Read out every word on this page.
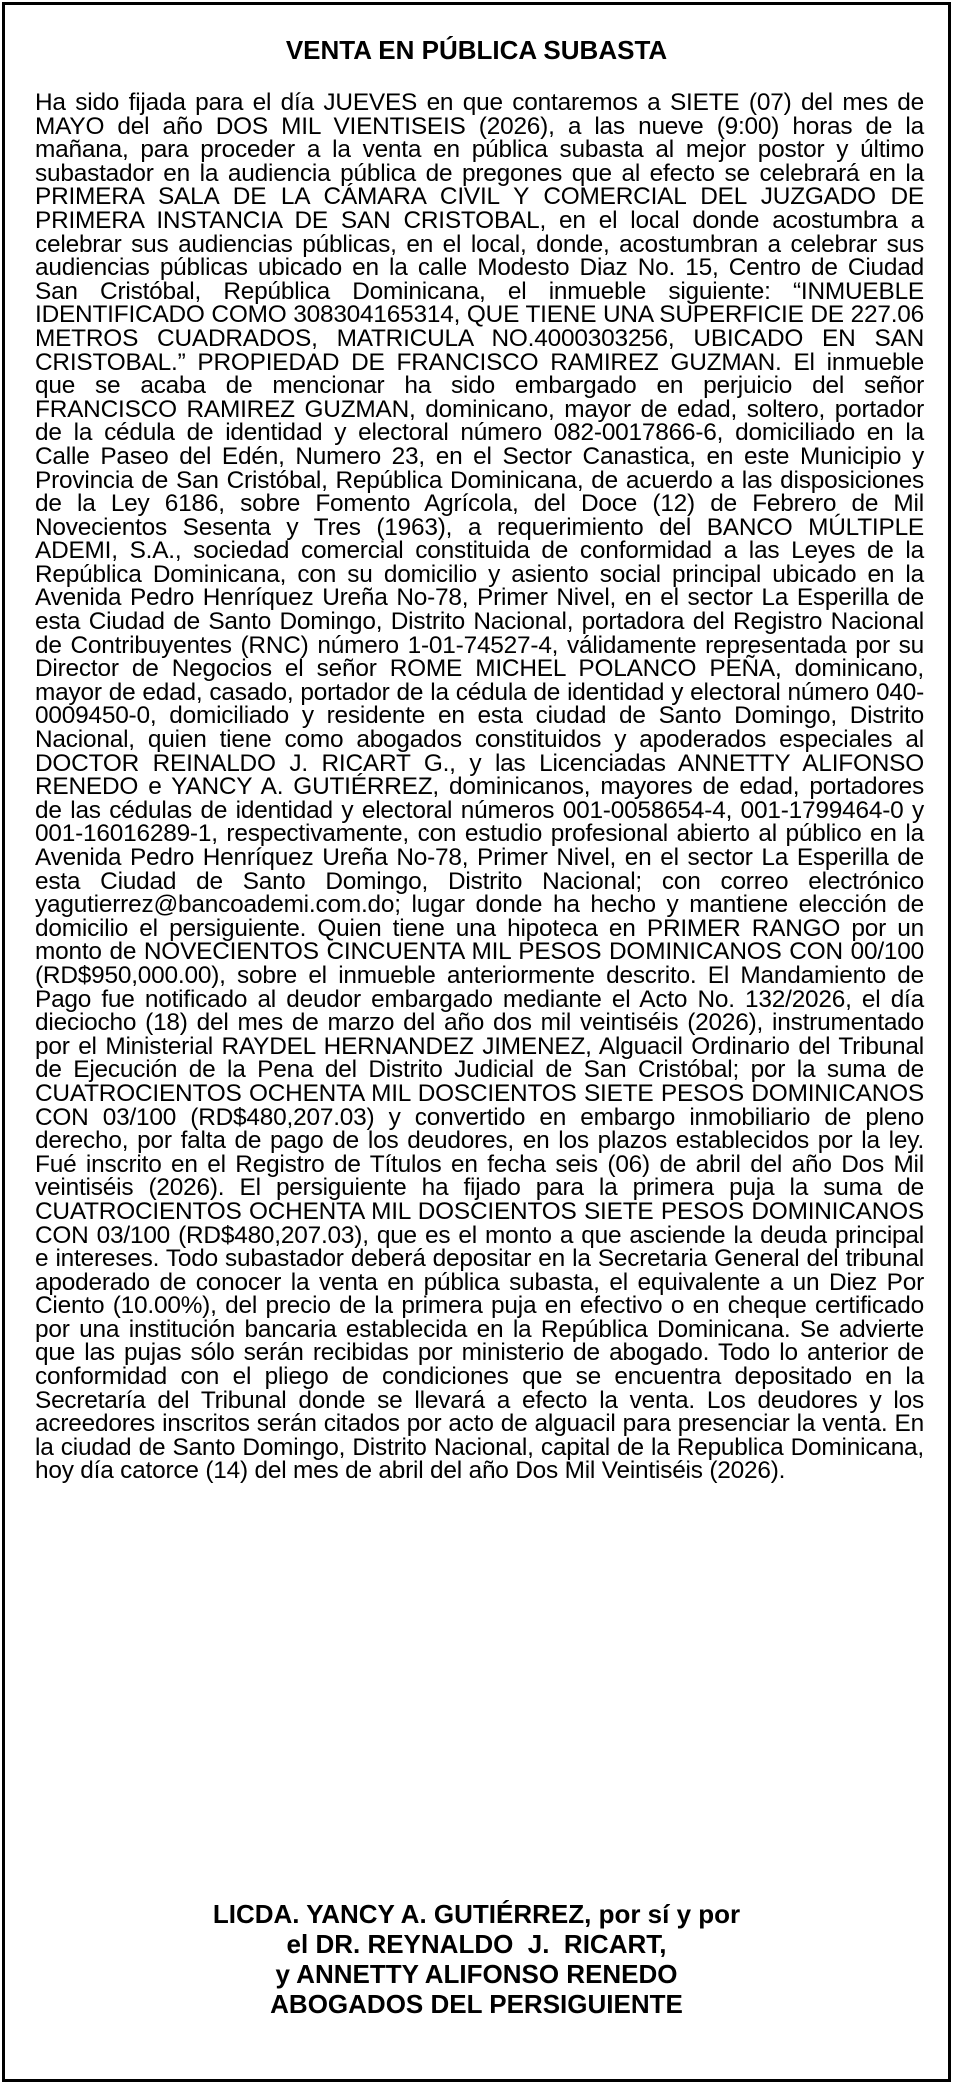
VENTA EN PÚBLICA SUBASTA

Ha sido fijada para el día JUEVES en que contaremos a SIETE (07) del mes de MAYO del año DOS MIL VIENTISEIS (2026), a las nueve (9:00) horas de la mañana, para proceder a la venta en pública subasta al mejor postor y último subastador en la audiencia pública de pregones que al efecto se celebrará en la PRIMERA SALA DE LA CÁMARA CIVIL Y COMERCIAL DEL JUZGADO DE PRIMERA INSTANCIA DE SAN CRISTOBAL, en el local donde acostumbra a celebrar sus audiencias públicas, en el local, donde, acostumbran a celebrar sus audiencias públicas ubicado en la calle Modesto Diaz No. 15, Centro de Ciudad San Cristóbal, República Dominicana, el inmueble siguiente: “INMUEBLE IDENTIFICADO COMO 308304165314, QUE TIENE UNA SUPERFICIE DE 227.06 METROS CUADRADOS, MATRICULA NO.4000303256, UBICADO EN SAN CRISTOBAL.” PROPIEDAD DE FRANCISCO RAMIREZ GUZMAN. El inmueble que se acaba de mencionar ha sido embargado en perjuicio del señor FRANCISCO RAMIREZ GUZMAN, dominicano, mayor de edad, soltero, portador de la cédula de identidad y electoral número 082-0017866-6, domiciliado en la Calle Paseo del Edén, Numero 23, en el Sector Canastica, en este Municipio y Provincia de San Cristóbal, República Dominicana, de acuerdo a las disposiciones de la Ley 6186, sobre Fomento Agrícola, del Doce (12) de Febrero de Mil Novecientos Sesenta y Tres (1963), a requerimiento del BANCO MÚLTIPLE ADEMI, S.A., sociedad comercial constituida de conformidad a las Leyes de la República Dominicana, con su domicilio y asiento social principal ubicado en la Avenida Pedro Henríquez Ureña No-78, Primer Nivel, en el sector La Esperilla de esta Ciudad de Santo Domingo, Distrito Nacional, portadora del Registro Nacional de Contribuyentes (RNC) número 1-01-74527-4, válidamente representada por su Director de Negocios el señor ROME MICHEL POLANCO PEÑA, dominicano, mayor de edad, casado, portador de la cédula de identidad y electoral número 040-0009450-0, domiciliado y residente en esta ciudad de Santo Domingo, Distrito Nacional, quien tiene como abogados constituidos y apoderados especiales al DOCTOR REINALDO J. RICART G., y las Licenciadas ANNETTY ALIFONSO RENEDO e YANCY A. GUTIÉRREZ, dominicanos, mayores de edad, portadores de las cédulas de identidad y electoral números 001-0058654-4, 001-1799464-0 y 001-16016289-1, respectivamente, con estudio profesional abierto al público en la Avenida Pedro Henríquez Ureña No-78, Primer Nivel, en el sector La Esperilla de esta Ciudad de Santo Domingo, Distrito Nacional; con correo electrónico yagutierrez@bancoademi.com.do; lugar donde ha hecho y mantiene elección de domicilio el persiguiente. Quien tiene una hipoteca en PRIMER RANGO por un monto de NOVECIENTOS CINCUENTA MIL PESOS DOMINICANOS CON 00/100 (RD$950,000.00), sobre el inmueble anteriormente descrito. El Mandamiento de Pago fue notificado al deudor embargado mediante el Acto No. 132/2026, el día dieciocho (18) del mes de marzo del año dos mil veintiséis (2026), instrumentado por el Ministerial RAYDEL HERNANDEZ JIMENEZ, Alguacil Ordinario del Tribunal de Ejecución de la Pena del Distrito Judicial de San Cristóbal; por la suma de CUATROCIENTOS OCHENTA MIL DOSCIENTOS SIETE PESOS DOMINICANOS CON 03/100 (RD$480,207.03) y convertido en embargo inmobiliario de pleno derecho, por falta de pago de los deudores, en los plazos establecidos por la ley. Fué inscrito en el Registro de Títulos en fecha seis (06) de abril del año Dos Mil veintiséis (2026). El persiguiente ha fijado para la primera puja la suma de CUATROCIENTOS OCHENTA MIL DOSCIENTOS SIETE PESOS DOMINICANOS CON 03/100 (RD$480,207.03), que es el monto a que asciende la deuda principal e intereses. Todo subastador deberá depositar en la Secretaria General del tribunal apoderado de conocer la venta en pública subasta, el equivalente a un Diez Por Ciento (10.00%), del precio de la primera puja en efectivo o en cheque certificado por una institución bancaria establecida en la República Dominicana. Se advierte que las pujas sólo serán recibidas por ministerio de abogado. Todo lo anterior de conformidad con el pliego de condiciones que se encuentra depositado en la Secretaría del Tribunal donde se llevará a efecto la venta. Los deudores y los acreedores inscritos serán citados por acto de alguacil para presenciar la venta. En la ciudad de Santo Domingo, Distrito Nacional, capital de la Republica Dominicana, hoy día catorce (14) del mes de abril del año Dos Mil Veintiséis (2026).

LICDA. YANCY A. GUTIÉRREZ, por sí y por
el DR. REYNALDO  J.  RICART,
y ANNETTY ALIFONSO RENEDO
ABOGADOS DEL PERSIGUIENTE
